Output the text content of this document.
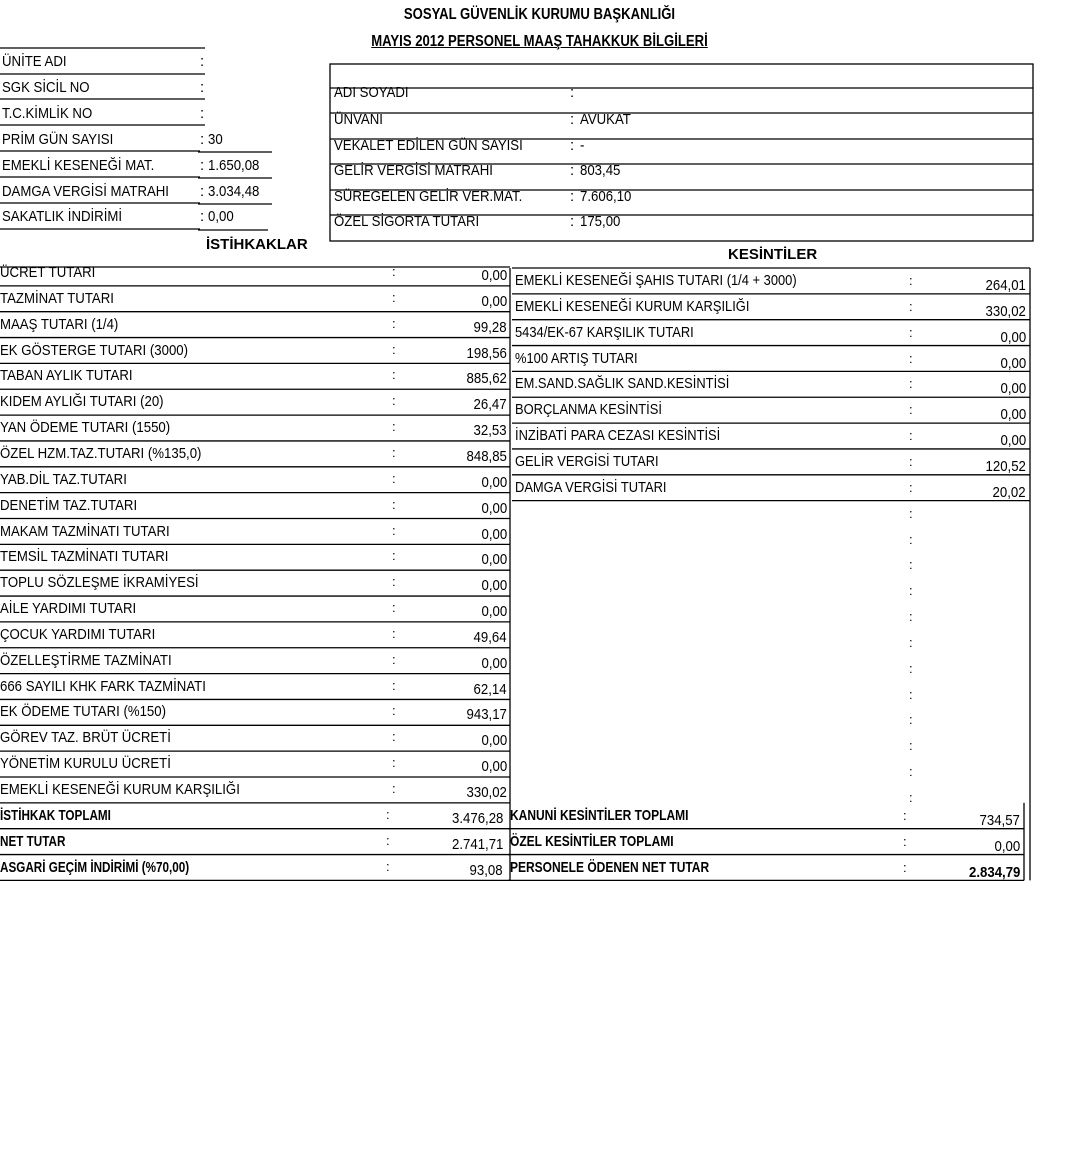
SOSYAL GÜVENLİK KURUMU BAŞKANLIĞI
MAYIS 2012 PERSONEL MAAŞ TAHAKKUK BİLGİLERİ
ÜNİTE ADI	:
SGK SİCİL NO	:
T.C.KİMLİK NO	:
PRİM GÜN SAYISI	: 30
EMEKLİ KESENEĞİ MAT.	: 1.650,08
DAMGA VERGİSİ MATRAHI : 3.034,48
SAKATLIK İNDİRİMİ	: 0,00
ADI SOYADI	:
ÜNVANI	: AVUKAT
VEKALET EDİLEN GÜN SAYISI	: -
GELİR VERGİSİ MATRAHI	: 803,45
SÜREGELEN GELİR VER.MAT.	: 7.606,10
ÖZEL SİGORTA TUTARI	: 175,00
İSTİHKAKLAR
KESİNTİLER
ÜCRET TUTARI	:	0,00
TAZMİNAT TUTARI	:	0,00
MAAŞ TUTARI (1/4)	:	99,28
EK GÖSTERGE TUTARI (3000)	:	198,56
TABAN AYLIK TUTARI	:	885,62
KIDEM AYLIĞI TUTARI (20)	:	26,47
YAN ÖDEME TUTARI (1550)	:	32,53
ÖZEL HZM.TAZ.TUTARI (%135,0)	:	848,85
YAB.DİL TAZ.TUTARI	:	0,00
DENETİM TAZ.TUTARI	:	0,00
MAKAM TAZMİNATI TUTARI	:	0,00
TEMSİL TAZMİNATI TUTARI	:	0,00
TOPLU SÖZLEŞME İKRAMİYESİ	:	0,00
AİLE YARDIMI TUTARI	:	0,00
ÇOCUK YARDIMI TUTARI	:	49,64
ÖZELLEŞTİRME TAZMİNATI	:	0,00
666 SAYILI KHK FARK TAZMİNATI	:	62,14
EK ÖDEME TUTARI (%150)	:	943,17
GÖREV TAZ. BRÜT ÜCRETİ	:	0,00
YÖNETİM KURULU ÜCRETİ	:	0,00
EMEKLİ KESENEĞİ KURUM KARŞILIĞI	:	330,02
İSTİHKAK TOPLAMI	:	3.476,28
NET TUTAR	:	2.741,71
ASGARİ GEÇİM İNDİRİMİ (%70,00)	:	93,08
EMEKLİ KESENEĞİ ŞAHIS TUTARI (1/4 + 3000)	:	264,01
EMEKLİ KESENEĞİ KURUM KARŞILIĞI	:	330,02
5434/EK-67 KARŞILIK TUTARI	:	0,00
%100 ARTIŞ TUTARI	:	0,00
EM.SAND.SAĞLIK SAND.KESİNTİSİ	:	0,00
BORÇLANMA KESİNTİSİ	:	0,00
İNZİBATİ PARA CEZASI KESİNTİSİ	:	0,00
GELİR VERGİSİ TUTARI	:	120,52
DAMGA VERGİSİ TUTARI	:	20,02
:
:
:
:
:
:
:
:
:
:
:
:
KANUNİ KESİNTİLER TOPLAMI	:	734,57
ÖZEL KESİNTİLER TOPLAMI	:	0,00
PERSONELE ÖDENEN NET TUTAR	:	2.834,79
